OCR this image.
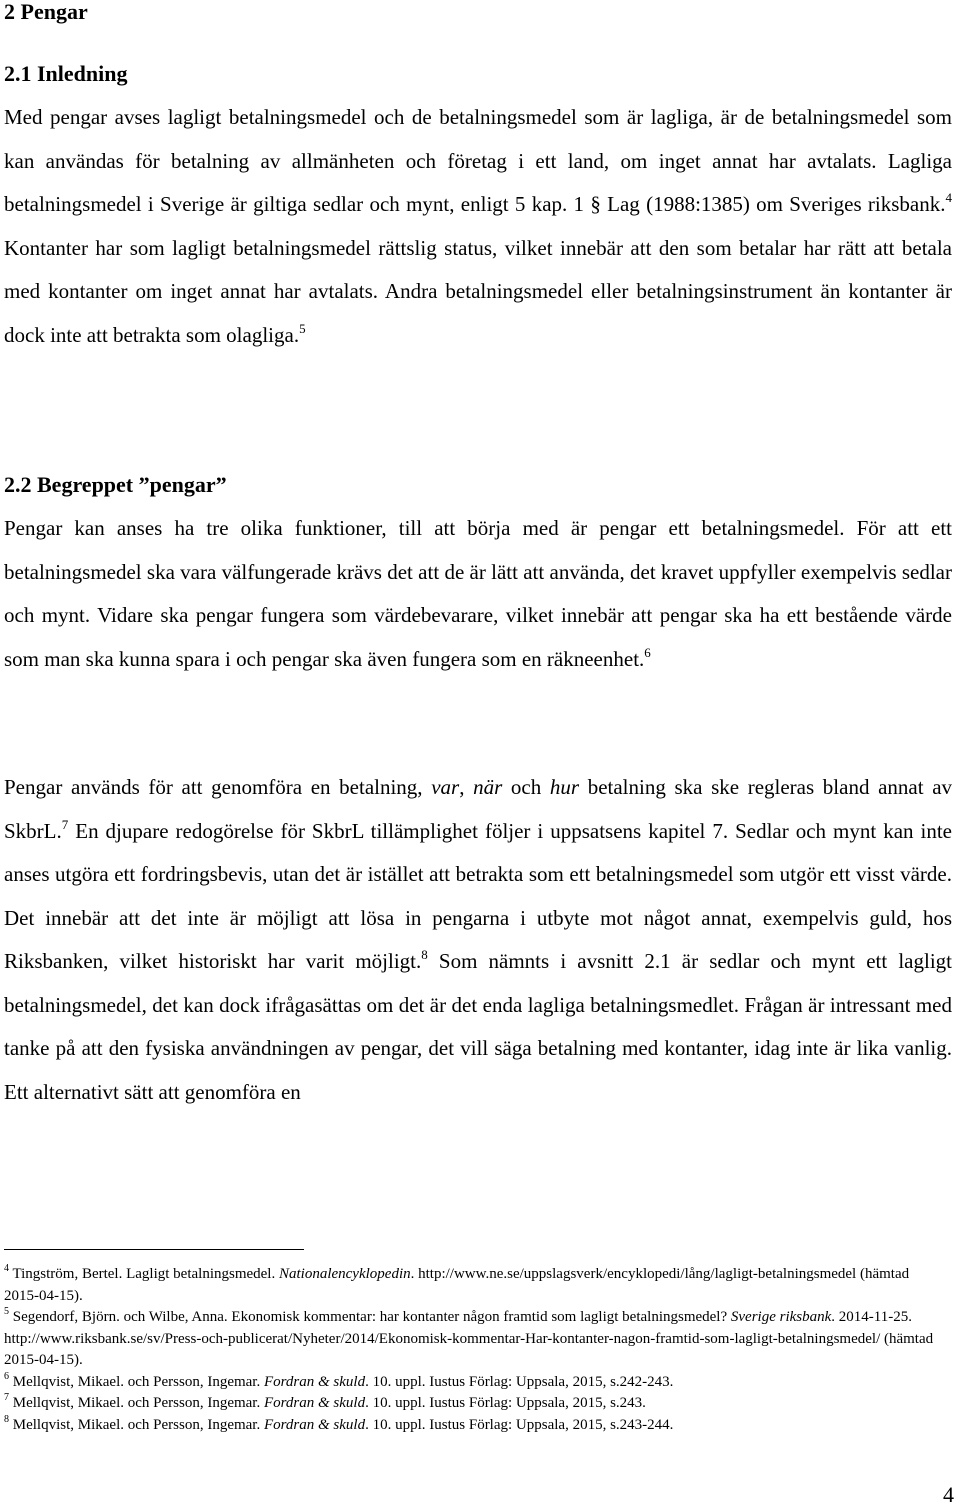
2 Pengar
2.1 Inledning

Med pengar avses lagligt betalningsmedel och de betalningsmedel som är lagliga, är de betalningsmedel som kan användas för betalning av allmänheten och företag i ett land, om inget annat har avtalats. Lagliga betalningsmedel i Sverige är giltiga sedlar och mynt, enligt 5 kap. 1 § Lag (1988:1385) om Sveriges riksbank.$^4$ Kontanter har som lagligt betalningsmedel rättslig status, vilket innebär att den som betalar har rätt att betala med kontanter om inget annat har avtalats. Andra betalningsmedel eller betalningsinstrument än kontanter är dock inte att betrakta som olagliga.$^5$

2.2 Begreppet ”pengar”

Pengar kan anses ha tre olika funktioner, till att börja med är pengar ett betalningsmedel. För att ett betalningsmedel ska vara välfungerade krävs det att de är lätt att använda, det kravet uppfyller exempelvis sedlar och mynt. Vidare ska pengar fungera som värdebevarare, vilket innebär att pengar ska ha ett bestående värde som man ska kunna spara i och pengar ska även fungera som en räkneenhet.$^6$

Pengar används för att genomföra en betalning, var, när och hur betalning ska ske regleras bland annat av SkbrL.$^7$ En djupare redogörelse för SkbrL tillämplighet följer i uppsatsens kapitel 7. Sedlar och mynt kan inte anses utgöra ett fordringsbevis, utan det är istället att betrakta som ett betalningsmedel som utgör ett visst värde. Det innebär att det inte är möjligt att lösa in pengarna i utbyte mot något annat, exempelvis guld, hos Riksbanken, vilket historiskt har varit möjligt.$^8$ Som nämnts i avsnitt 2.1 är sedlar och mynt ett lagligt betalningsmedel, det kan dock ifrågasättas om det är det enda lagliga betalningsmedlet. Frågan är intressant med tanke på att den fysiska användningen av pengar, det vill säga betalning med kontanter, idag inte är lika vanlig. Ett alternativt sätt att genomföra en

$^4$ Tingström, Bertel. Lagligt betalningsmedel. Nationalencyklopedin. http://www.ne.se/uppslagsverk/encyklopedi/lång/lagligt-betalningsmedel (hämtad 2015-04-15).
$^5$ Segendorf, Björn. och Wilbe, Anna. Ekonomisk kommentar: har kontanter någon framtid som lagligt betalningsmedel? Sverige riksbank. 2014-11-25. http://www.riksbank.se/sv/Press-och-publicerat/Nyheter/2014/Ekonomisk-kommentar-Har-kontanter-nagon-framtid-som-lagligt-betalningsmedel/ (hämtad 2015-04-15).
$^6$ Mellqvist, Mikael. och Persson, Ingemar. Fordran & skuld. 10. uppl. Iustus Förlag: Uppsala, 2015, s.242-243.
$^7$ Mellqvist, Mikael. och Persson, Ingemar. Fordran & skuld. 10. uppl. Iustus Förlag: Uppsala, 2015, s.243.
$^8$ Mellqvist, Mikael. och Persson, Ingemar. Fordran & skuld. 10. uppl. Iustus Förlag: Uppsala, 2015, s.243-244.
4
